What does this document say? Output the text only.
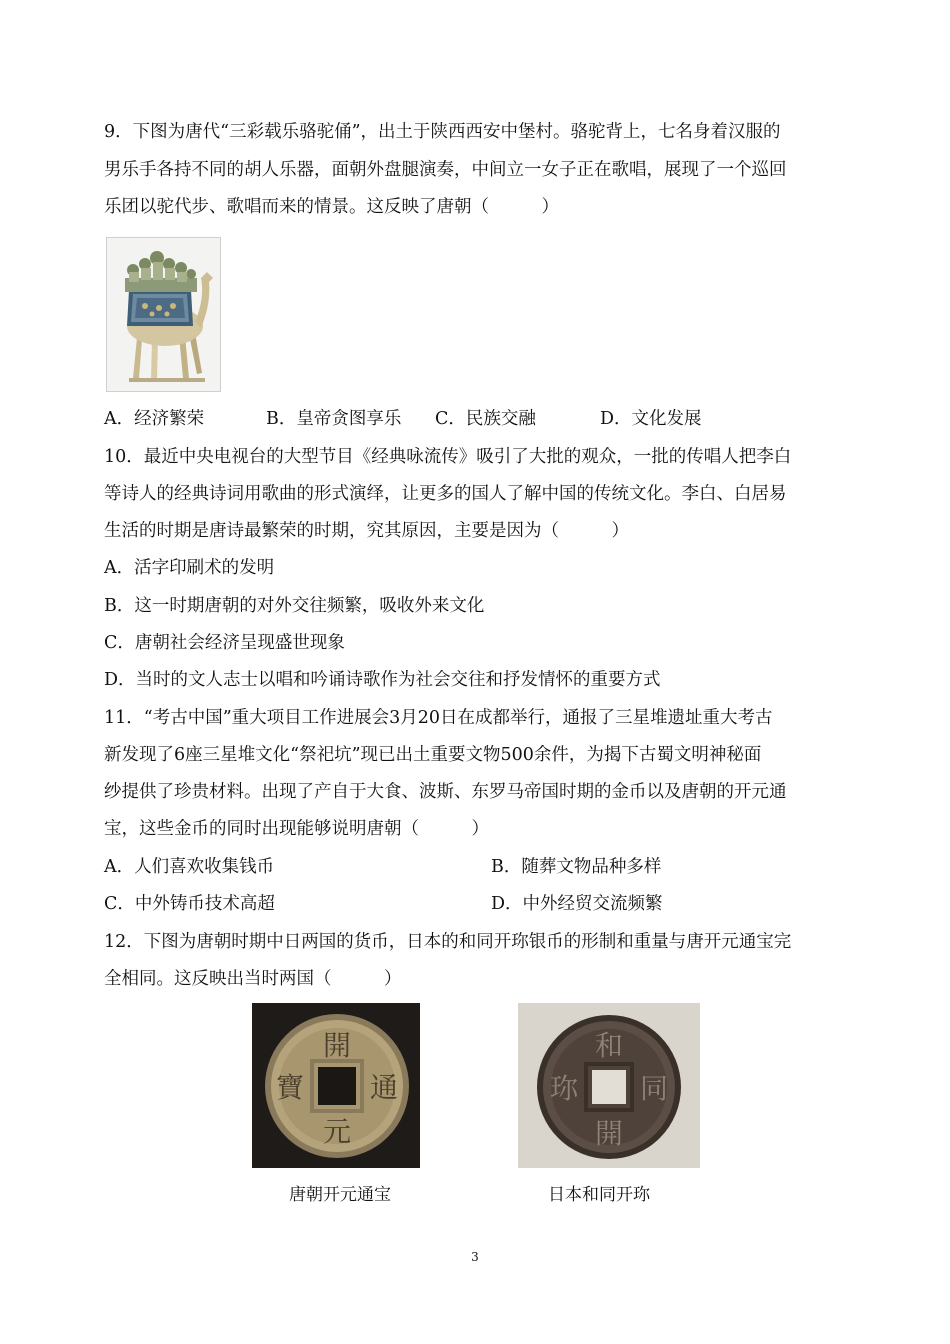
9．下图为唐代“三彩载乐骆驼俑”，出土于陕西西安中堡村。骆驼背上，七名身着汉服的
男乐手各持不同的胡人乐器，面朝外盘腿演奏，中间立一女子正在歌唱，展现了一个巡回
乐团以驼代步、歌唱而来的情景。这反映了唐朝（　　　）
A．经济繁荣	B．皇帝贪图享乐 C．民族交融	D．文化发展
10．最近中央电视台的大型节目《经典咏流传》吸引了大批的观众，一批的传唱人把李白
等诗人的经典诗词用歌曲的形式演绎，让更多的国人了解中国的传统文化。李白、白居易
生活的时期是唐诗最繁荣的时期，究其原因，主要是因为（　　　）
A．活字印刷术的发明
B．这一时期唐朝的对外交往频繁，吸收外来文化
C．唐朝社会经济呈现盛世现象
D．当时的文人志士以唱和吟诵诗歌作为社会交往和抒发情怀的重要方式
11．“考古中国”重大项目工作进展会3月20日在成都举行，通报了三星堆遗址重大考古
新发现了6座三星堆文化“祭祀坑”现已出土重要文物500余件，为揭下古蜀文明神秘面
纱提供了珍贵材料。出现了产自于大食、波斯、东罗马帝国时期的金币以及唐朝的开元通
宝，这些金币的同时出现能够说明唐朝（　　　）
A．人们喜欢收集钱币	B．随葬文物品种多样
C．中外铸币技术高超	D．中外经贸交流频繁
12．下图为唐朝时期中日两国的货币，日本的和同开珎银币的形制和重量与唐开元通宝完
全相同。这反映出当时两国（　　　）
開
通
元
寶
和
同
開
珎
唐朝开元通宝	日本和同开珎
3
